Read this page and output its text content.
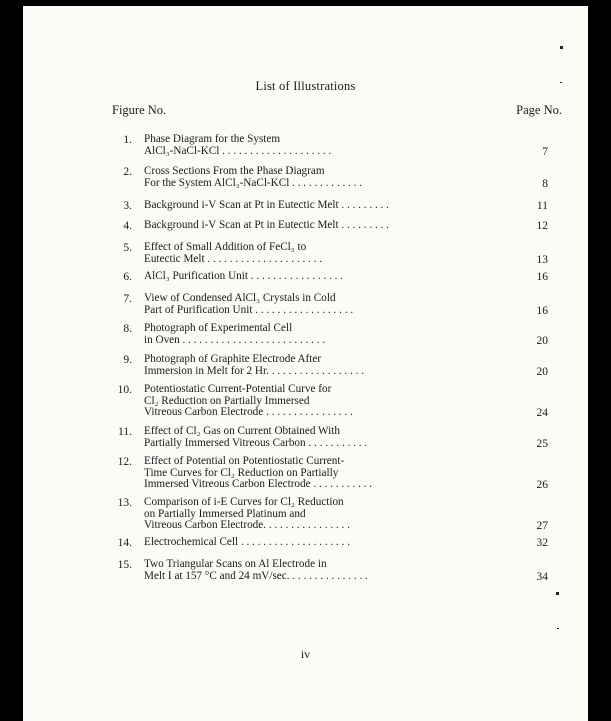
List of Illustrations
Figure No.	Page No.
1. Phase Diagram for the System
AlCl₃-NaCl-KCl . . . . . . . . . . . . . . . . . . . .	7
2. Cross Sections From the Phase Diagram
For the System AlCl₃-NaCl-KCl . . . . . . . . . . . . .	8
3. Background i-V Scan at Pt in Eutectic Melt . . . . . . . . .	11
4. Background i-V Scan at Pt in Eutectic Melt . . . . . . . . .	12
5. Effect of Small Addition of FeCl₃ to
Eutectic Melt . . . . . . . . . . . . . . . . . . . . .	13
6. AlCl₃ Purification Unit . . . . . . . . . . . . . . . . .	16
7. View of Condensed AlCl₃ Crystals in Cold
Part of Purification Unit . . . . . . . . . . . . . . . . . .	16
8. Photograph of Experimental Cell
in Oven . . . . . . . . . . . . . . . . . . . . . . . . . .	20
9. Photograph of Graphite Electrode After
Immersion in Melt for 2 Hr. . . . . . . . . . . . . . . . . .	20
10. Potentiostatic Current-Potential Curve for
Cl₂ Reduction on Partially Immersed
Vitreous Carbon Electrode . . . . . . . . . . . . . . . .	24
11. Effect of Cl₂ Gas on Current Obtained With
Partially Immersed Vitreous Carbon . . . . . . . . . . .	25
12. Effect of Potential on Potentiostatic Current-
Time Curves for Cl₂ Reduction on Partially
Immersed Vitreous Carbon Electrode . . . . . . . . . . .	26
13. Comparison of i-E Curves for Cl₂ Reduction
on Partially Immersed Platinum and
Vitreous Carbon Electrode. . . . . . . . . . . . . . . .	27
14. Electrochemical Cell . . . . . . . . . . . . . . . . . . . .	32
15. Two Triangular Scans on Al Electrode in
Melt I at 157 °C and 24 mV/sec. . . . . . . . . . . . . . .	34
iv
